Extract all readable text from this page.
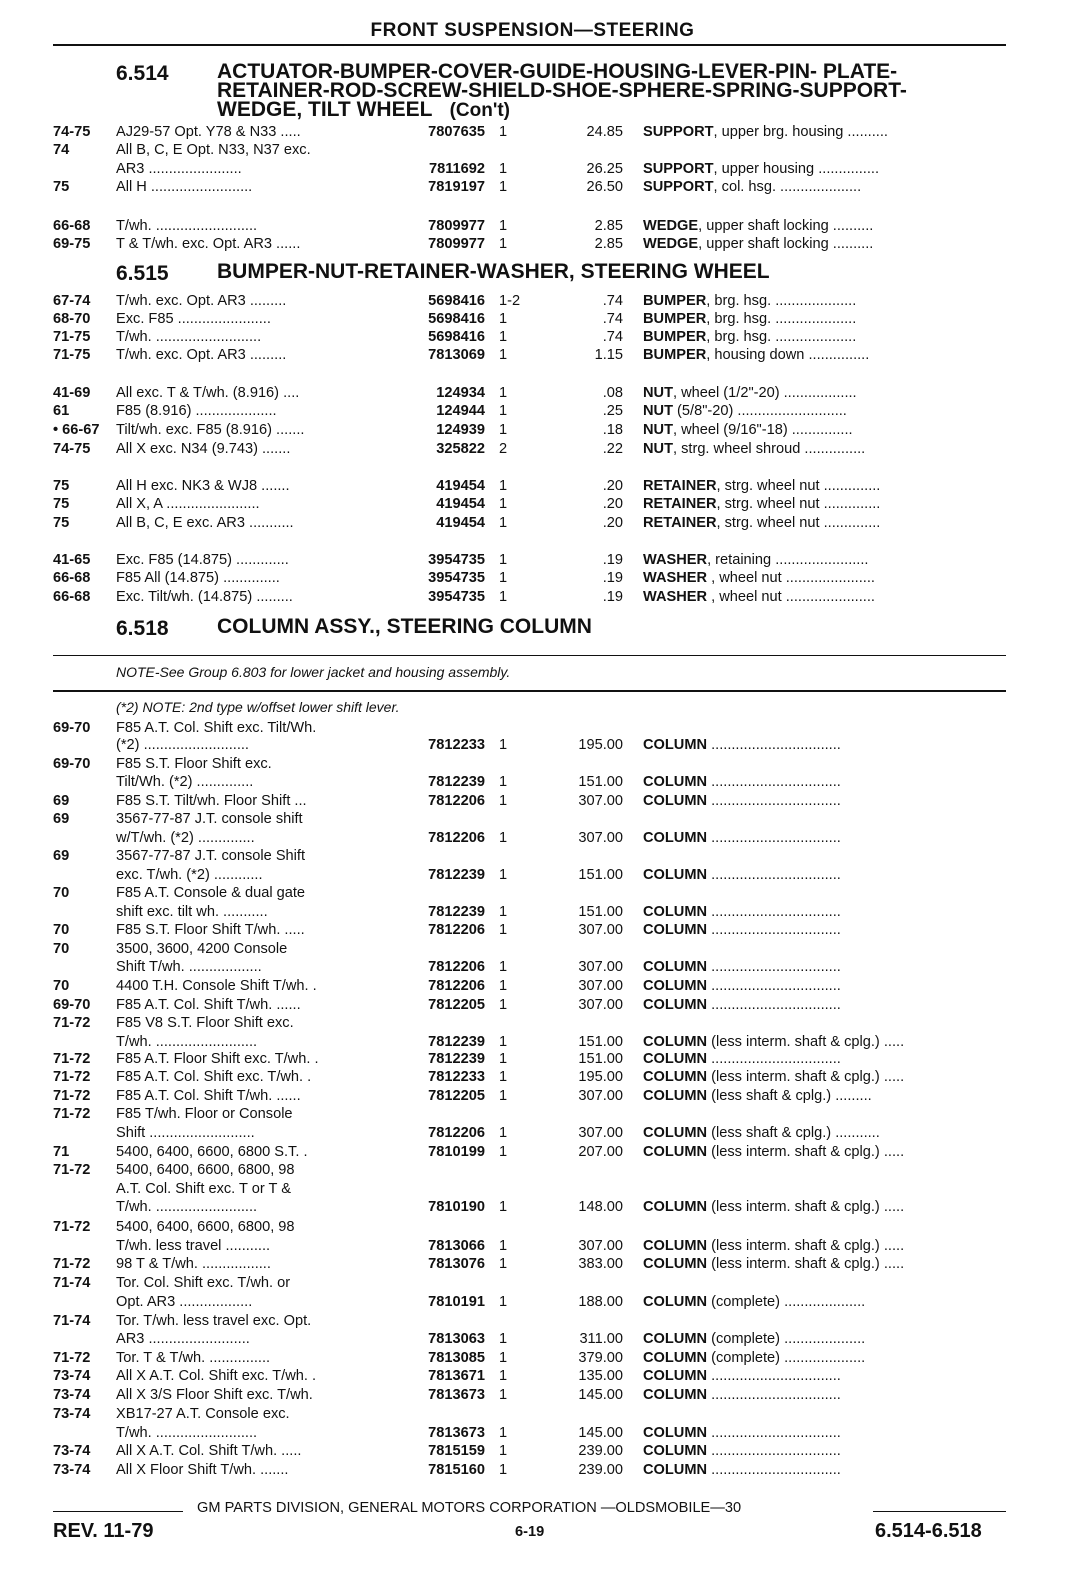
FRONT SUSPENSION—STEERING
6.514 ACTUATOR-BUMPER-COVER-GUIDE-HOUSING-LEVER-PIN- PLATE-RETAINER-ROD-SCREW-SHIELD-SHOE-SPHERE-SPRING-SUPPORT-WEDGE, TILT WHEEL (Con't)
6.515 BUMPER-NUT-RETAINER-WASHER, STEERING WHEEL
6.518 COLUMN ASSY., STEERING COLUMN
NOTE-See Group 6.803 for lower jacket and housing assembly.
(*2) NOTE: 2nd type w/offset lower shift lever.
74-75	AJ29-57 Opt. Y78 & N33 .....	7807635 1	24.85 SUPPORT, upper brg. housing ..........
74	All B, C, E Opt. N33, N37 exc.
AR3 .......................	7811692 1	26.25 SUPPORT, upper housing ...............
75	All H .........................	7819197 1	26.50 SUPPORT, col. hsg. ....................
66-68	T/wh. .........................	7809977 1	2.85 WEDGE, upper shaft locking ..........
69-75	T & T/wh. exc. Opt. AR3 ......	7809977 1	2.85 WEDGE, upper shaft locking ..........
67-74	T/wh. exc. Opt. AR3 .........	5698416 1-2	.74 BUMPER, brg. hsg. ....................
68-70	Exc. F85 .......................	5698416 1	.74 BUMPER, brg. hsg. ....................
71-75	T/wh. ..........................	5698416 1	.74 BUMPER, brg. hsg. ....................
71-75	T/wh. exc. Opt. AR3 .........	7813069 1	1.15 BUMPER, housing down ...............
41-69	All exc. T & T/wh. (8.916) ....	124934 1	.08 NUT, wheel (1/2"-20) ..................
61	F85 (8.916) ....................	124944 1	.25 NUT (5/8"-20) ...........................
• 66-67	Tilt/wh. exc. F85 (8.916) .......	124939 1	.18 NUT, wheel (9/16"-18) ...............
74-75	All X exc. N34 (9.743) .......	325822 2	.22 NUT, strg. wheel shroud ...............
75	All H exc. NK3 & WJ8 .......	419454 1	.20 RETAINER, strg. wheel nut ..............
75	All X, A .......................	419454 1	.20 RETAINER, strg. wheel nut ..............
75	All B, C, E exc. AR3 ...........	419454 1	.20 RETAINER, strg. wheel nut ..............
41-65	Exc. F85 (14.875) .............	3954735 1	.19 WASHER, retaining .......................
66-68	F85 All (14.875) ..............	3954735 1	.19 WASHER , wheel nut ......................
66-68	Exc. Tilt/wh. (14.875) .........	3954735 1	.19 WASHER , wheel nut ......................
69-70	F85 A.T. Col. Shift exc. Tilt/Wh.
(*2) ..........................	7812233 1	195.00 COLUMN ................................
69-70	F85 S.T. Floor Shift exc.
Tilt/Wh. (*2) ..............	7812239 1	151.00 COLUMN ................................
69	F85 S.T. Tilt/wh. Floor Shift ...	7812206 1	307.00 COLUMN ................................
69	3567-77-87 J.T. console shift
w/T/wh. (*2) ..............	7812206 1	307.00 COLUMN ................................
69	3567-77-87 J.T. console Shift
exc. T/wh. (*2) ............	7812239 1	151.00 COLUMN ................................
70	F85 A.T. Console & dual gate
shift exc. tilt wh. ...........	7812239 1	151.00 COLUMN ................................
70	F85 S.T. Floor Shift T/wh. .....	7812206 1	307.00 COLUMN ................................
70	3500, 3600, 4200 Console
Shift T/wh. ..................	7812206 1	307.00 COLUMN ................................
70	4400 T.H. Console Shift T/wh. .	7812206 1	307.00 COLUMN ................................
69-70	F85 A.T. Col. Shift T/wh. ......	7812205 1	307.00 COLUMN ................................
71-72	F85 V8 S.T. Floor Shift exc.
T/wh. .........................	7812239 1	151.00 COLUMN (less interm. shaft & cplg.) .....
71-72	F85 A.T. Floor Shift exc. T/wh. .	7812239 1	151.00 COLUMN ................................
71-72	F85 A.T. Col. Shift exc. T/wh. .	7812233 1	195.00 COLUMN (less interm. shaft & cplg.) .....
71-72	F85 A.T. Col. Shift T/wh. ......	7812205 1	307.00 COLUMN (less shaft & cplg.) .........
71-72	F85 T/wh. Floor or Console
Shift ..........................	7812206 1	307.00 COLUMN (less shaft & cplg.) ...........
71	5400, 6400, 6600, 6800 S.T. .	7810199 1	207.00 COLUMN (less interm. shaft & cplg.) .....
71-72	5400, 6400, 6600, 6800, 98
A.T. Col. Shift exc. T or T &
T/wh. .........................	7810190 1	148.00 COLUMN (less interm. shaft & cplg.) .....
71-72	5400, 6400, 6600, 6800, 98
T/wh. less travel ...........	7813066 1	307.00 COLUMN (less interm. shaft & cplg.) .....
71-72	98 T & T/wh. .................	7813076 1	383.00 COLUMN (less interm. shaft & cplg.) .....
71-74	Tor. Col. Shift exc. T/wh. or
Opt. AR3 ..................	7810191 1	188.00 COLUMN (complete) ....................
71-74	Tor. T/wh. less travel exc. Opt.
AR3 .........................	7813063 1	311.00 COLUMN (complete) ....................
71-72	Tor. T & T/wh. ...............	7813085 1	379.00 COLUMN (complete) ....................
73-74	All X A.T. Col. Shift exc. T/wh. .	7813671 1	135.00 COLUMN ................................
73-74	All X 3/S Floor Shift exc. T/wh.	7813673 1	145.00 COLUMN ................................
73-74	XB17-27 A.T. Console exc.
T/wh. .........................	7813673 1	145.00 COLUMN ................................
73-74	All X A.T. Col. Shift T/wh. .....	7815159 1	239.00 COLUMN ................................
73-74	All X Floor Shift T/wh. .......	7815160 1	239.00 COLUMN ................................
GM PARTS DIVISION, GENERAL MOTORS CORPORATION —OLDSMOBILE—30
REV. 11-79	6-19	6.514-6.518
